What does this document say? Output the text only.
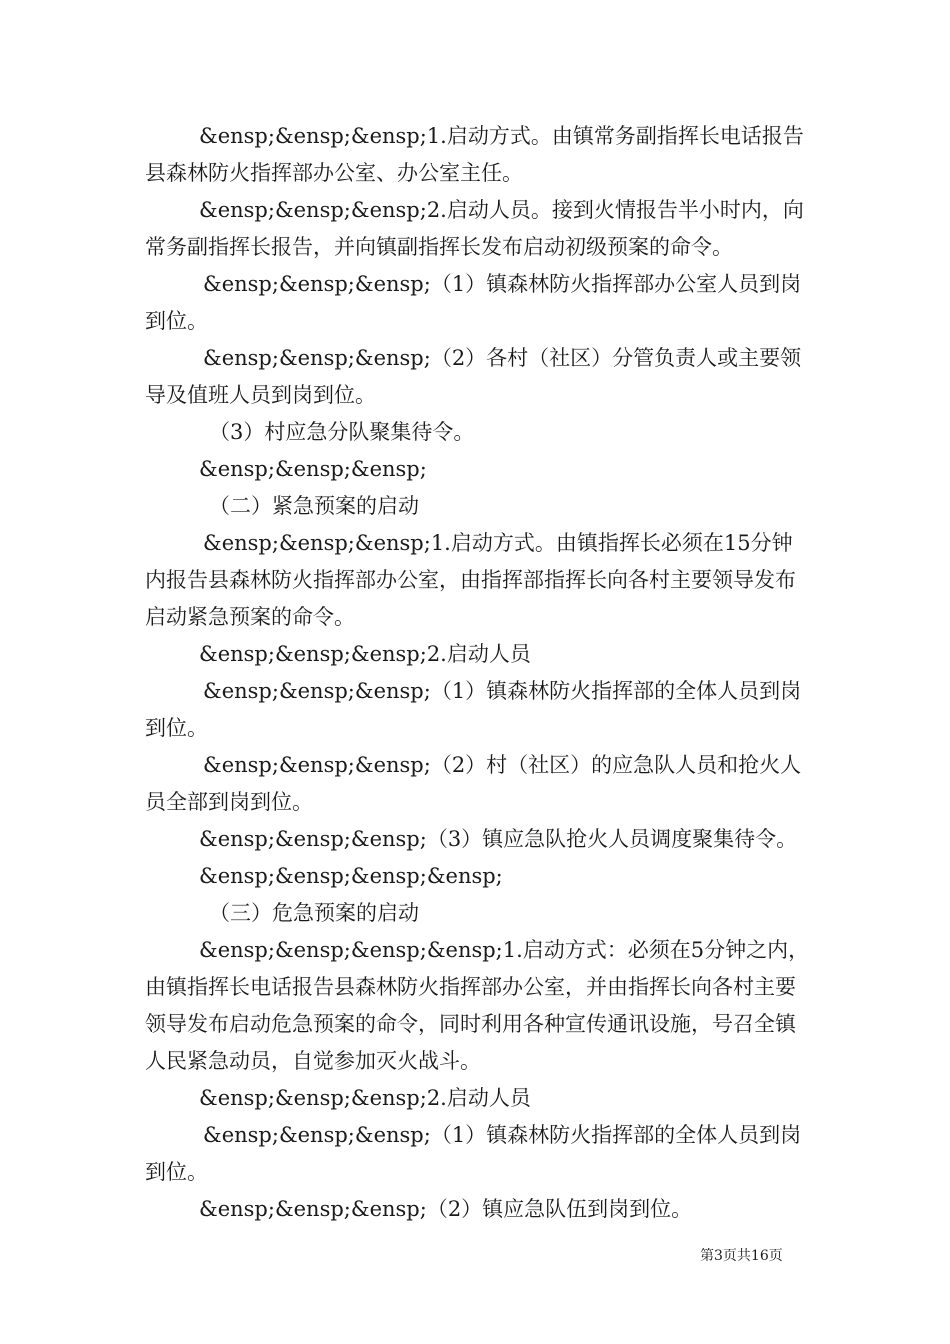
&ensp;&ensp;&ensp;1.启动方式。由镇常务副指挥长电话报告县森林防火指挥部办公室、办公室主任。

&ensp;&ensp;&ensp;2.启动人员。接到火情报告半小时内，向常务副指挥长报告，并向镇副指挥长发布启动初级预案的命令。

&ensp;&ensp;&ensp;（1）镇森林防火指挥部办公室人员到岗到位。

&ensp;&ensp;&ensp;（2）各村（社区）分管负责人或主要领导及值班人员到岗到位。

（3）村应急分队聚集待令。

&ensp;&ensp;&ensp;

（二）紧急预案的启动

&ensp;&ensp;&ensp;1.启动方式。由镇指挥长必须在15分钟内报告县森林防火指挥部办公室，由指挥部指挥长向各村主要领导发布启动紧急预案的命令。

&ensp;&ensp;&ensp;2.启动人员

&ensp;&ensp;&ensp;（1）镇森林防火指挥部的全体人员到岗到位。

&ensp;&ensp;&ensp;（2）村（社区）的应急队人员和抢火人员全部到岗到位。

&ensp;&ensp;&ensp;（3）镇应急队抢火人员调度聚集待令。

&ensp;&ensp;&ensp;&ensp;

（三）危急预案的启动

&ensp;&ensp;&ensp;&ensp;1.启动方式：必须在5分钟之内，由镇指挥长电话报告县森林防火指挥部办公室，并由指挥长向各村主要领导发布启动危急预案的命令，同时利用各种宣传通讯设施，号召全镇人民紧急动员，自觉参加灭火战斗。

&ensp;&ensp;&ensp;2.启动人员

&ensp;&ensp;&ensp;（1）镇森林防火指挥部的全体人员到岗到位。

&ensp;&ensp;&ensp;（2）镇应急队伍到岗到位。

第3页共16页
